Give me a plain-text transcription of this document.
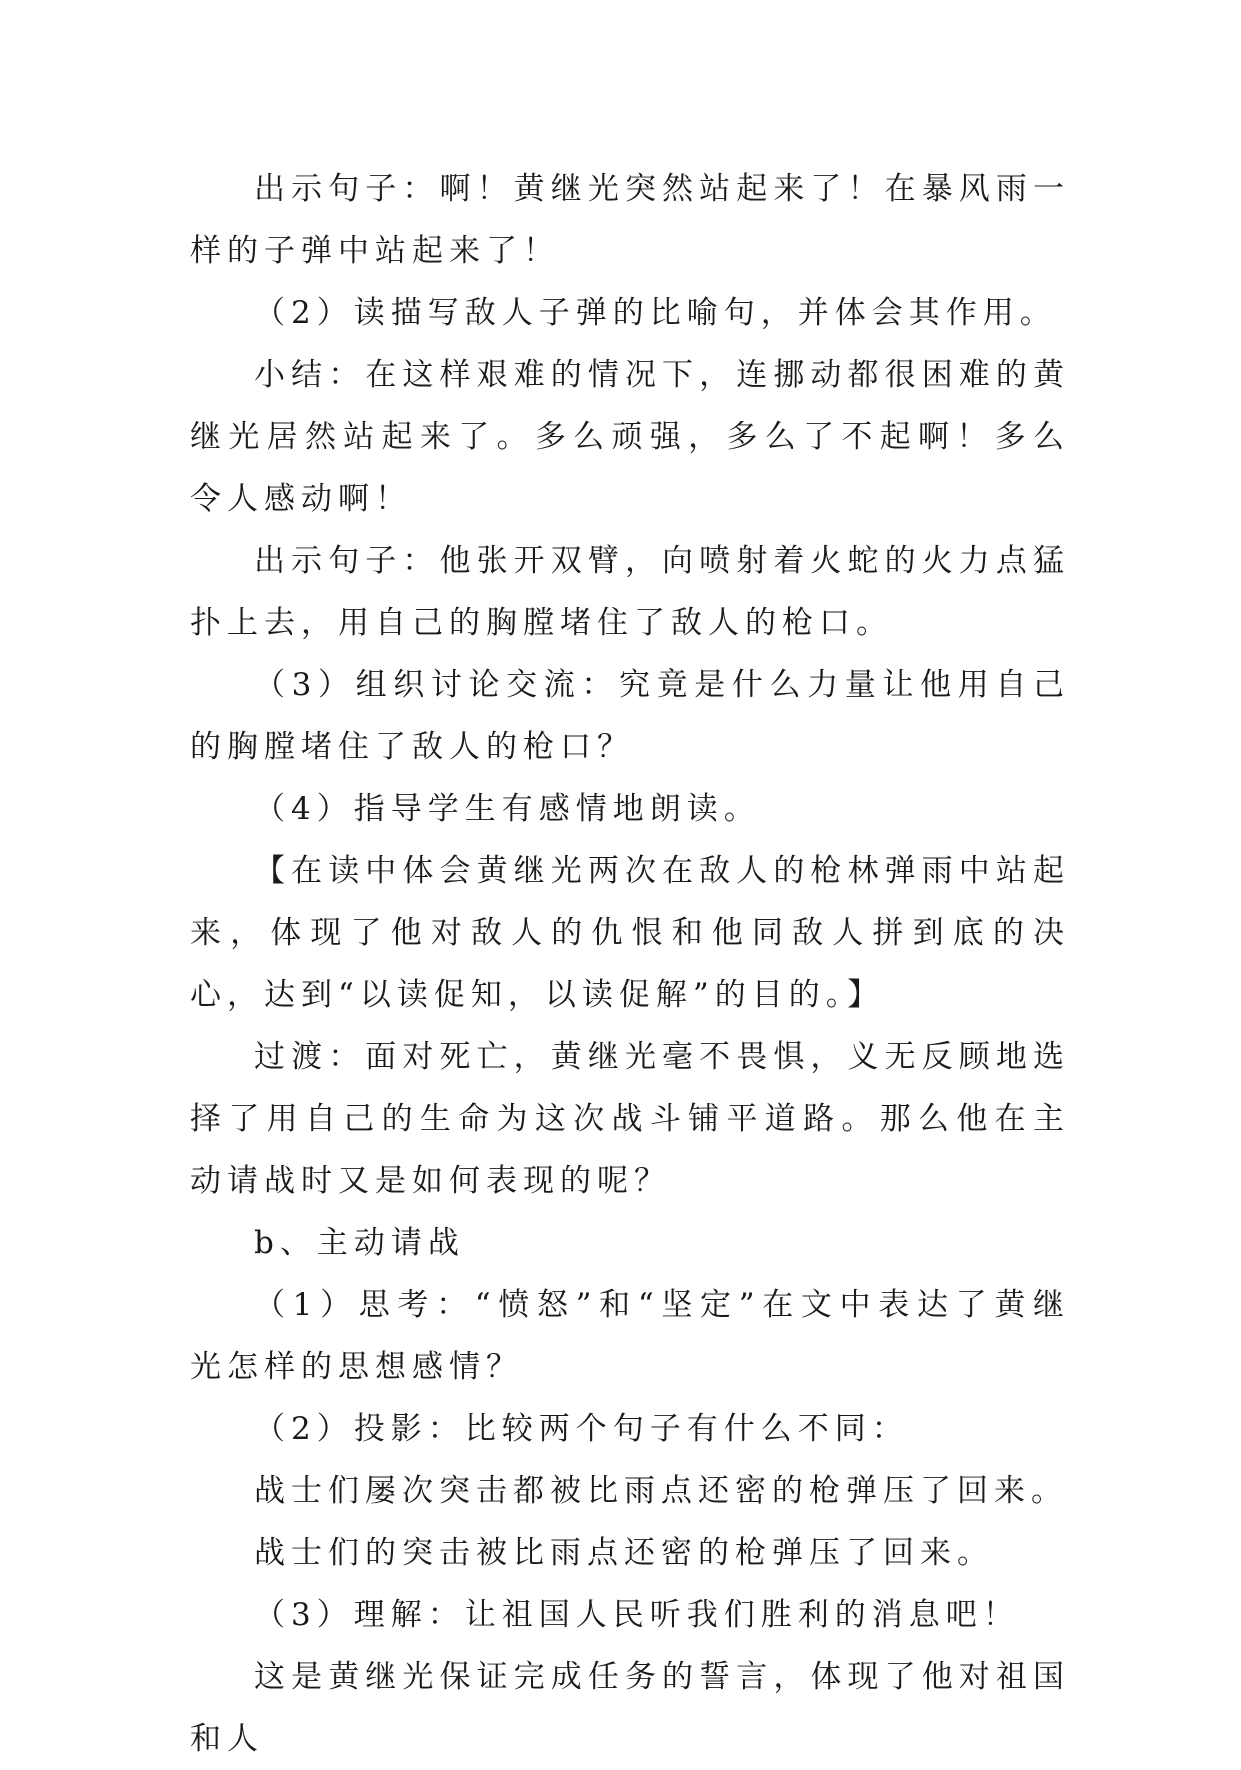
出示句子：啊！黄继光突然站起来了！在暴风雨一样的子弹中站起来了！

（2）读描写敌人子弹的比喻句，并体会其作用。

小结：在这样艰难的情况下，连挪动都很困难的黄继光居然站起来了。多么顽强，多么了不起啊！多么令人感动啊！

出示句子：他张开双臂，向喷射着火蛇的火力点猛扑上去，用自己的胸膛堵住了敌人的枪口。

（3）组织讨论交流：究竟是什么力量让他用自己的胸膛堵住了敌人的枪口？

（4）指导学生有感情地朗读。

【在读中体会黄继光两次在敌人的枪林弹雨中站起来，体现了他对敌人的仇恨和他同敌人拼到底的决心，达到“以读促知，以读促解”的目的。】

过渡：面对死亡，黄继光毫不畏惧，义无反顾地选择了用自己的生命为这次战斗铺平道路。那么他在主动请战时又是如何表现的呢？

b、主动请战

（1）思考：“愤怒”和“坚定”在文中表达了黄继光怎样的思想感情？

（2）投影：比较两个句子有什么不同：

战士们屡次突击都被比雨点还密的枪弹压了回来。

战士们的突击被比雨点还密的枪弹压了回来。

（3）理解：让祖国人民听我们胜利的消息吧！

这是黄继光保证完成任务的誓言，体现了他对祖国和人
